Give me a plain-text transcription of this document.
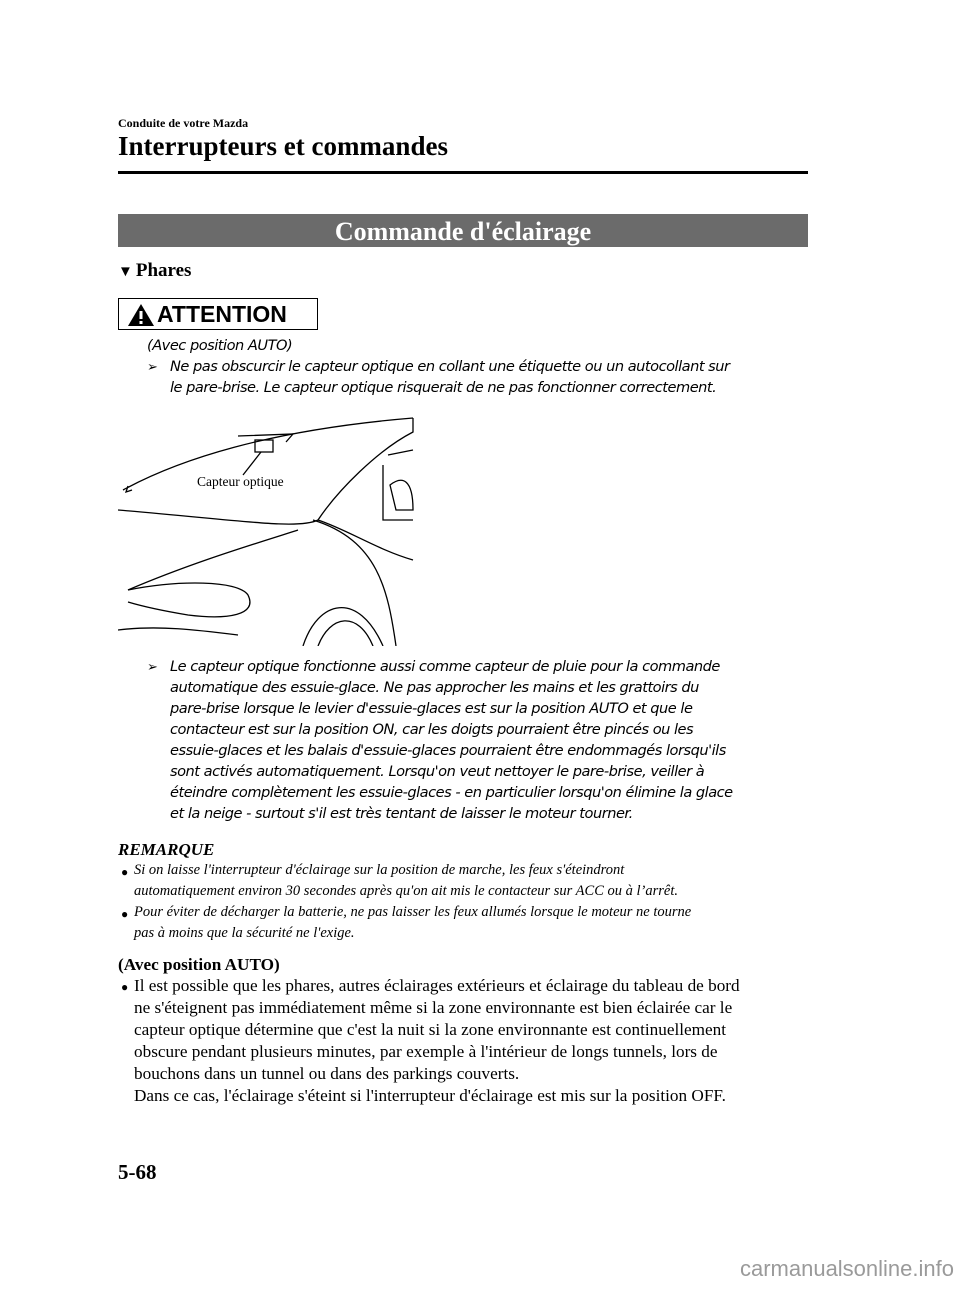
Conduite de votre Mazda
Interrupteurs et commandes
Commande d'éclairage
▼ Phares
ATTENTION
(Avec position AUTO)
➢ Ne pas obscurcir le capteur optique en collant une étiquette ou un autocollant sur
le pare-brise. Le capteur optique risquerait de ne pas fonctionner correctement.
Capteur optique
➢ Le capteur optique fonctionne aussi comme capteur de pluie pour la commande
automatique des essuie-glace. Ne pas approcher les mains et les grattoirs du
pare-brise lorsque le levier d'essuie-glaces est sur la position AUTO et que le
contacteur est sur la position ON, car les doigts pourraient être pincés ou les
essuie-glaces et les balais d'essuie-glaces pourraient être endommagés lorsqu'ils
sont activés automatiquement. Lorsqu'on veut nettoyer le pare-brise, veiller à
éteindre complètement les essuie-glaces - en particulier lorsqu'on élimine la glace
et la neige - surtout s'il est très tentant de laisser le moteur tourner.
REMARQUE
● Si on laisse l'interrupteur d'éclairage sur la position de marche, les feux s'éteindront
automatiquement environ 30 secondes après qu'on ait mis le contacteur sur ACC ou à l’arrêt.
● Pour éviter de décharger la batterie, ne pas laisser les feux allumés lorsque le moteur ne tourne
pas à moins que la sécurité ne l'exige.
(Avec position AUTO)
● Il est possible que les phares, autres éclairages extérieurs et éclairage du tableau de bord
ne s'éteignent pas immédiatement même si la zone environnante est bien éclairée car le
capteur optique détermine que c'est la nuit si la zone environnante est continuellement
obscure pendant plusieurs minutes, par exemple à l'intérieur de longs tunnels, lors de
bouchons dans un tunnel ou dans des parkings couverts.
Dans ce cas, l'éclairage s'éteint si l'interrupteur d'éclairage est mis sur la position OFF.
5-68
carmanualsonline.info
